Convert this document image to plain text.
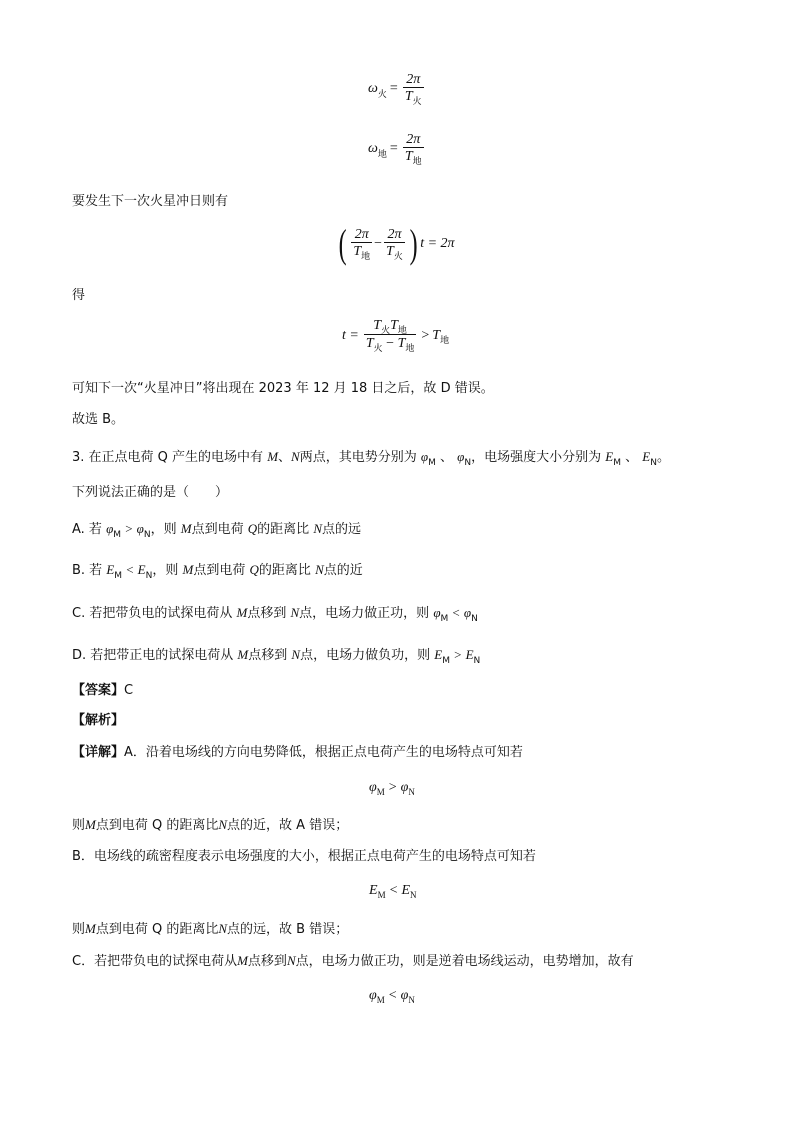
ω 火 = $\frac{2\pi}{T_火}$
ω 地 = $\frac{2\pi}{T_地}$
要发生下一次火星冲日则有
( $\frac{2\pi}{T_地} - \frac{2\pi}{T_火}$ ) t = 2π
得
$t = \frac{T_火T_地}{T_火 - T_地} > T$ 地
可知下一次“火星冲日”将出现在 2023 年 12 月 18 日之后，故 D 错误。
故选 B。
3. 在正点电荷 Q 产生的电场中有 M、N两点，其电势分别为 $\varphi_M$ 、 $\varphi_N$，电场强度大小分别为 $E_M$ 、 $E_N$。
下列说法正确的是（　　）
A. 若 $\varphi_M > \varphi_N$，则 M点到电荷 Q的距离比 N点的远
B. 若 $E_M < E_N$，则 M点到电荷 Q的距离比 N点的近
C. 若把带负电的试探电荷从 M点移到 N点，电场力做正功，则 $\varphi_M < \varphi_N$
D. 若把带正电的试探电荷从 M点移到 N点，电场力做负功，则 $E_M > E_N$
【答案】C
【解析】
【详解】A．沿着电场线的方向电势降低，根据正点电荷产生的电场特点可知若
φ M > φ N
则M点到电荷 Q 的距离比N点的近，故 A 错误；
B．电场线的疏密程度表示电场强度的大小，根据正点电荷产生的电场特点可知若
E M < E N
则M点到电荷 Q 的距离比N点的远，故 B 错误；
C．若把带负电的试探电荷从M点移到N点，电场力做正功，则是逆着电场线运动，电势增加，故有
φ M < φ N
